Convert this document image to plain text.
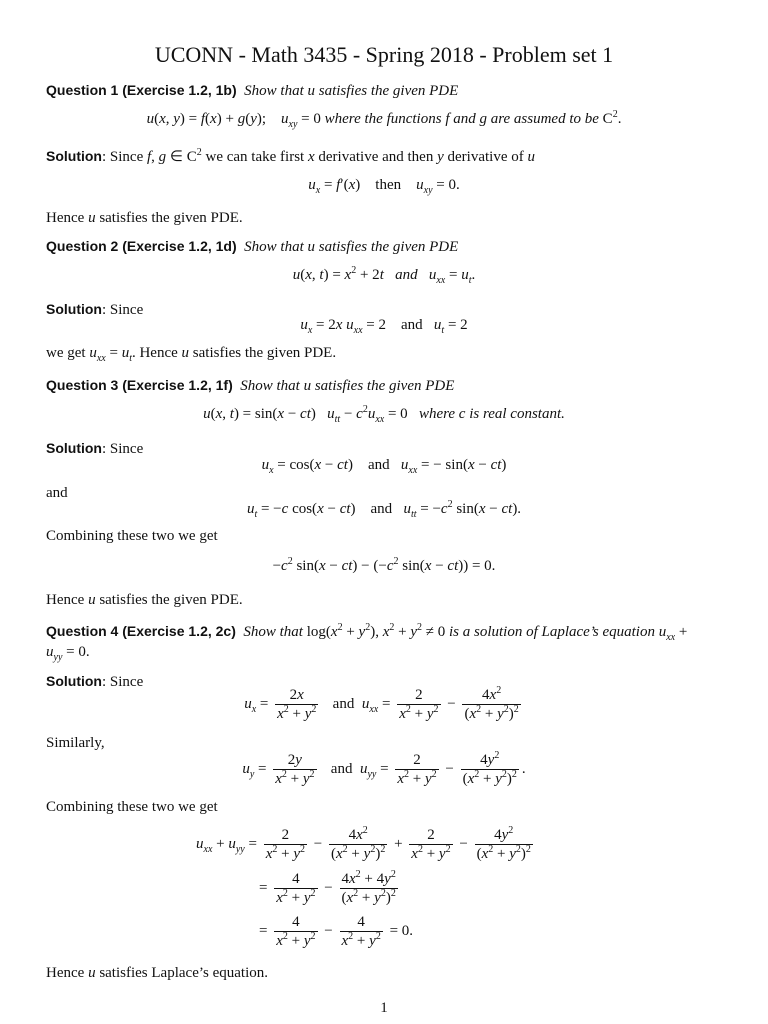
UCONN - Math 3435 - Spring 2018 - Problem set 1
Question 1 (Exercise 1.2, 1b) Show that u satisfies the given PDE
u(x, y) = f(x) + g(y);    $u_{xy} = 0$ where the functions f and g are assumed to be $C^2$.
Solution: Since f, g ∈ $C^2$ we can take first x derivative and then y derivative of u
$u_x = f'(x)$    then    $u_{xy} = 0$.
Hence u satisfies the given PDE.
Question 2 (Exercise 1.2, 1d) Show that u satisfies the given PDE
u(x, $t) = x^2 + 2t$ and $u_{xx} = u_t$.
Solution: Since
$u_x = 2x$ $u_{xx} = 2$    and   $u_t = 2$
we get $u_{xx} = u_t$. Hence u satisfies the given PDE.
Question 3 (Exercise 1.2, 1f) Show that u satisfies the given PDE
u(x, t) = sin(x − ct)   $u_{tt} - c^2u_{xx} = 0$   where c is real constant.
Solution: Since
$u_x = \cos(x - ct)$    and   $u_{xx}$ = − sin(x − ct)
and
$u_t = -c$ cos(x − ct)    and   $u_{tt} = -c^2$ sin(x − ct).
Combining these two we get
$-c^2$ $\sin(x - ct) - (-c^2$ sin(x − ct)) = 0.
Hence u satisfies the given PDE.
Question 4 (Exercise 1.2, 2c) Show that $\log(x^2 + y^2)$, $x^2 + y^2 \ne 0$ is a solution of Laplace’s equation $u_{xx}$ +
$u_{yy} = 0$.
Solution: Since
$u_x = \frac{2x}{x^2 + y^2}$ and  $u_{xx} = \frac{2}{x^2 + y^2} - \frac{4x^2}{(x^2 + y^2)^2}$
Similarly,
$u_y = \frac{2y}{x^2 + y^2}$ and  $u_{yy} = \frac{2}{x^2 + y^2} - \frac{4y^2}{(x^2 + y^2)^2}$ .
Combining these two we get
$u_{xx} + u_{yy} = \frac{2}{x^2 + y^2} - \frac{4x^2}{(x^2 + y^2)^2} + \frac{2}{x^2 + y^2} - \frac{4y^2}{(x^2 + y^2)^2}$
= $\frac{4}{x^2 + y^2} - \frac{4x^2 + 4y^2}{(x^2 + y^2)^2}$
= $\frac{4}{x^2 + y^2} - \frac{4}{x^2 + y^2} = 0$.
Hence u satisfies Laplace’s equation.
1
